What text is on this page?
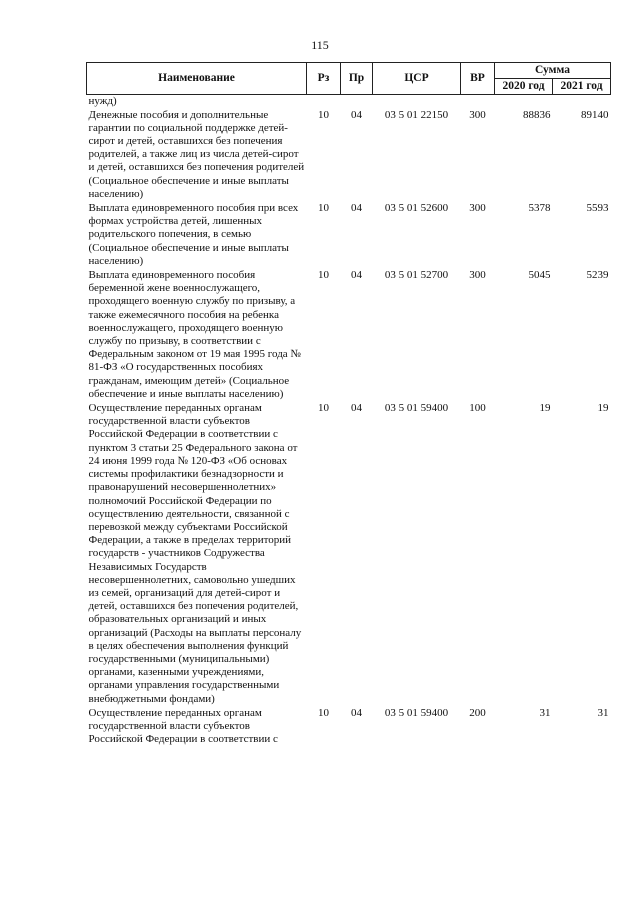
115
Наименование	Рз	Пр	ЦСР	ВР	Сумма	
					2020 год	2021 год
нужд)						
Денежные пособия и дополнительные гарантии по социальной поддержке детей-сирот и детей, оставшихся без попечения родителей, а также лиц из числа детей-сирот и детей, оставшихся без попечения родителей (Социальное обеспечение и иные выплаты населению)	10	04	03 5 01 22150	300	88836	89140
Выплата единовременного пособия при всех формах устройства детей, лишенных родительского попечения, в семью (Социальное обеспечение и иные выплаты населению)	10	04	03 5 01 52600	300	5378	5593
Выплата единовременного пособия беременной жене военнослужащего, проходящего военную службу по призыву, а также ежемесячного пособия на ребенка военнослужащего, проходящего военную службу по призыву, в соответствии с Федеральным законом от 19 мая 1995 года № 81-ФЗ «О государственных пособиях гражданам, имеющим детей» (Социальное обеспечение и иные выплаты населению)	10	04	03 5 01 52700	300	5045	5239
Осуществление переданных органам государственной власти субъектов Российской Федерации в соответствии с пунктом 3 статьи 25 Федерального закона от 24 июня 1999 года № 120-ФЗ «Об основах системы профилактики безнадзорности и правонарушений несовершеннолетних» полномочий Российской Федерации по осуществлению деятельности, связанной с перевозкой между субъектами Российской Федерации, а также в пределах территорий государств - участников Содружества Независимых Государств несовершеннолетних, самовольно ушедших из семей, организаций для детей-сирот и детей, оставшихся без попечения родителей, образовательных организаций и иных организаций (Расходы на выплаты персоналу в целях обеспечения выполнения функций государственными (муниципальными) органами, казенными учреждениями, органами управления государственными внебюджетными фондами)	10	04	03 5 01 59400	100	19	19
Осуществление переданных органам государственной власти субъектов Российской Федерации в соответствии с	10	04	03 5 01 59400	200	31	31
